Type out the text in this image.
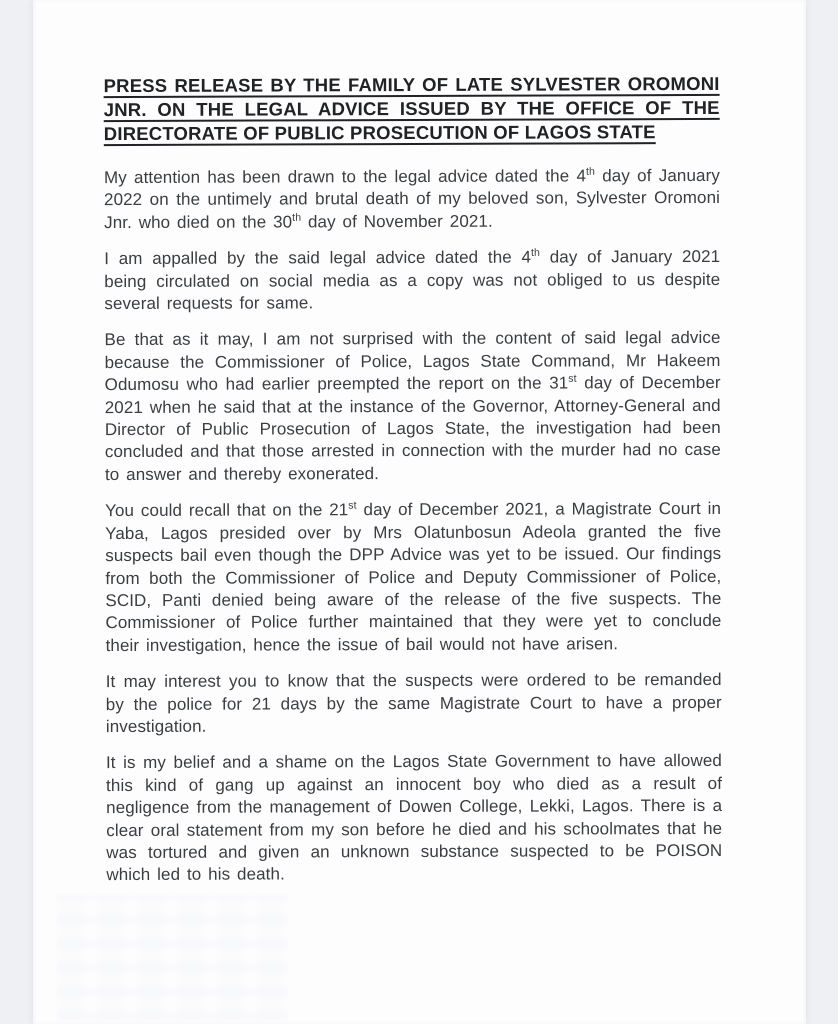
PRESS RELEASE BY THE FAMILY OF LATE SYLVESTER OROMONI
JNR. ON THE LEGAL ADVICE ISSUED BY THE OFFICE OF THE
DIRECTORATE OF PUBLIC PROSECUTION OF LAGOS STATE

My attention has been drawn to the legal advice dated the 4th day of January 2022 on the untimely and brutal death of my beloved son, Sylvester Oromoni Jnr. who died on the 30th day of November 2021.

I am appalled by the said legal advice dated the 4th day of January 2021 being circulated on social media as a copy was not obliged to us despite several requests for same.

Be that as it may, I am not surprised with the content of said legal advice because the Commissioner of Police, Lagos State Command, Mr Hakeem Odumosu who had earlier preempted the report on the 31st day of December 2021 when he said that at the instance of the Governor, Attorney-General and Director of Public Prosecution of Lagos State, the investigation had been concluded and that those arrested in connection with the murder had no case to answer and thereby exonerated.

You could recall that on the 21st day of December 2021, a Magistrate Court in Yaba, Lagos presided over by Mrs Olatunbosun Adeola granted the five suspects bail even though the DPP Advice was yet to be issued. Our findings from both the Commissioner of Police and Deputy Commissioner of Police, SCID, Panti denied being aware of the release of the five suspects. The Commissioner of Police further maintained that they were yet to conclude their investigation, hence the issue of bail would not have arisen.

It may interest you to know that the suspects were ordered to be remanded by the police for 21 days by the same Magistrate Court to have a proper investigation.

It is my belief and a shame on the Lagos State Government to have allowed this kind of gang up against an innocent boy who died as a result of negligence from the management of Dowen College, Lekki, Lagos. There is a clear oral statement from my son before he died and his schoolmates that he was tortured and given an unknown substance suspected to be POISON which led to his death.
